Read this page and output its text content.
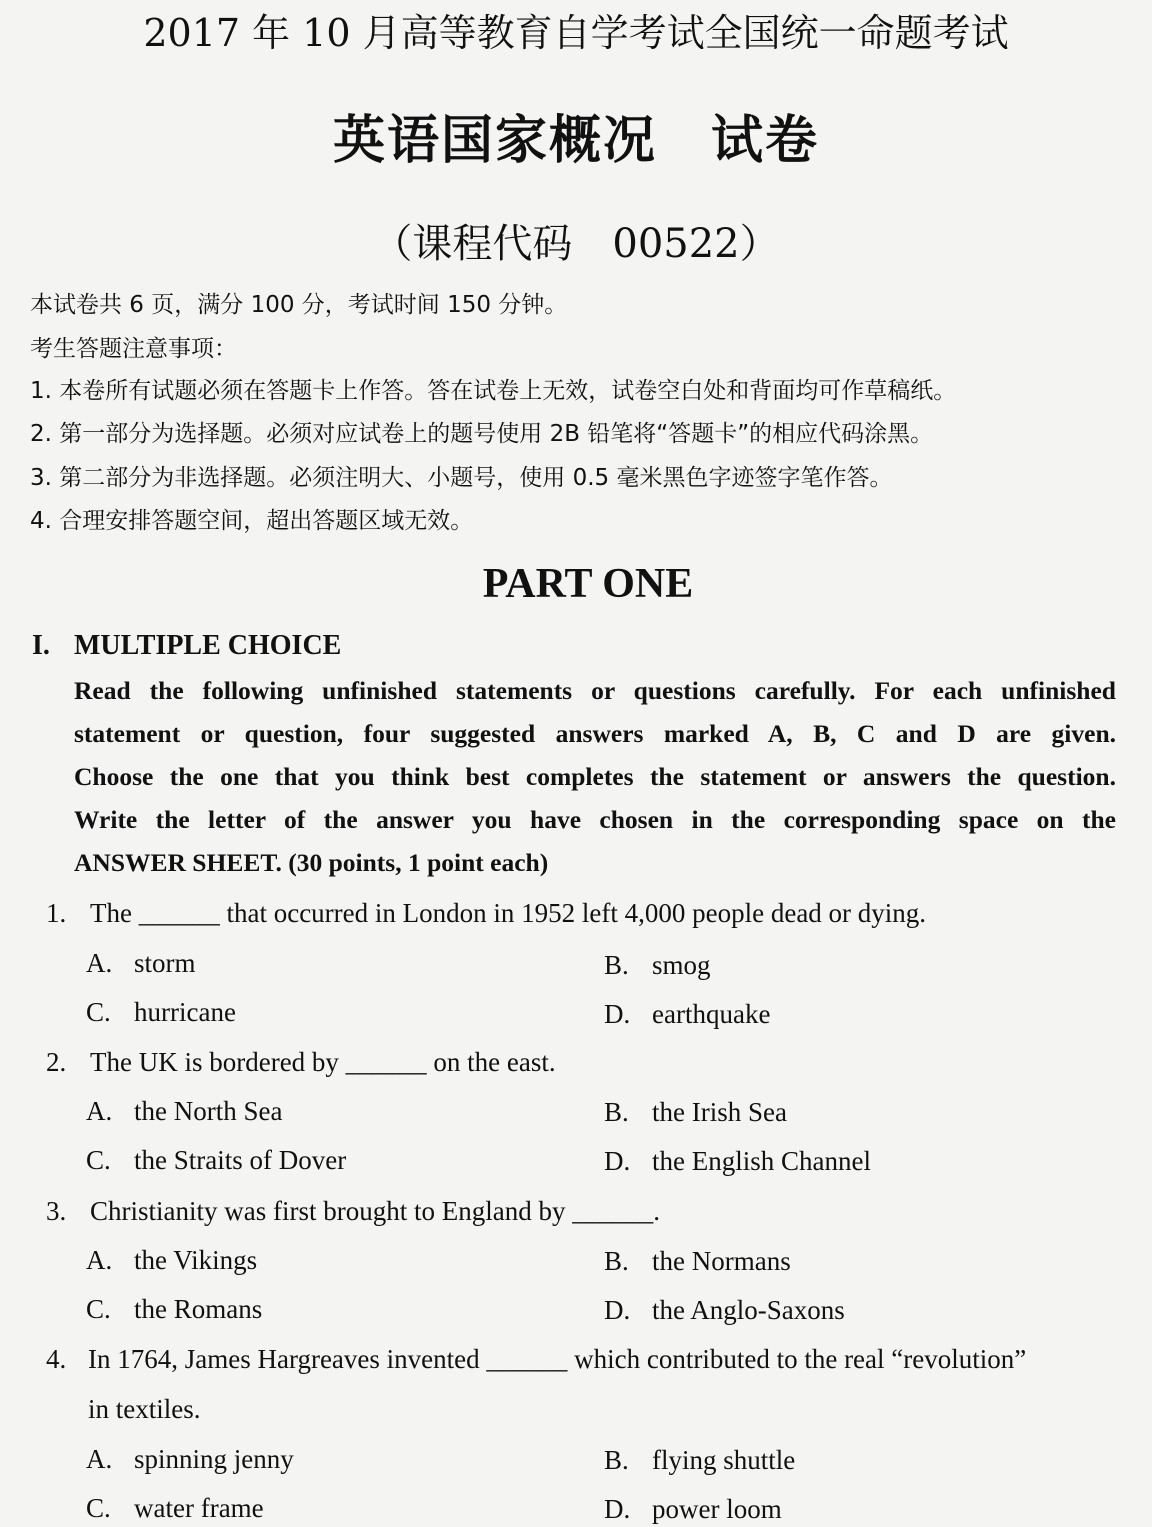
2017 年 10 月高等教育自学考试全国统一命题考试
英语国家概况　试卷
（课程代码　00522）
本试卷共 6 页，满分 100 分，考试时间 150 分钟。
考生答题注意事项：
1. 本卷所有试题必须在答题卡上作答。答在试卷上无效，试卷空白处和背面均可作草稿纸。
2. 第一部分为选择题。必须对应试卷上的题号使用 2B 铅笔将“答题卡”的相应代码涂黑。
3. 第二部分为非选择题。必须注明大、小题号，使用 0.5 毫米黑色字迹签字笔作答。
4. 合理安排答题空间，超出答题区域无效。
PART ONE
I. MULTIPLE CHOICE
Read the following unfinished statements or questions carefully. For each unfinished
statement or question, four suggested answers marked A, B, C and D are given.
Choose the one that you think best completes the statement or answers the question.
Write the letter of the answer you have chosen in the corresponding space on the
ANSWER SHEET. (30 points, 1 point each)
1. The ______ that occurred in London in 1952 left 4,000 people dead or dying.
A. storm	B. smog
C. hurricane	D. earthquake
2. The UK is bordered by ______ on the east.
A. the North Sea	B. the Irish Sea
C. the Straits of Dover	D. the English Channel
3. Christianity was first brought to England by ______.
A. the Vikings	B. the Normans
C. the Romans	D. the Anglo-Saxons
4. In 1764, James Hargreaves invented ______ which contributed to the real “revolution”
in textiles.
A. spinning jenny	B. flying shuttle
C. water frame	D. power loom
